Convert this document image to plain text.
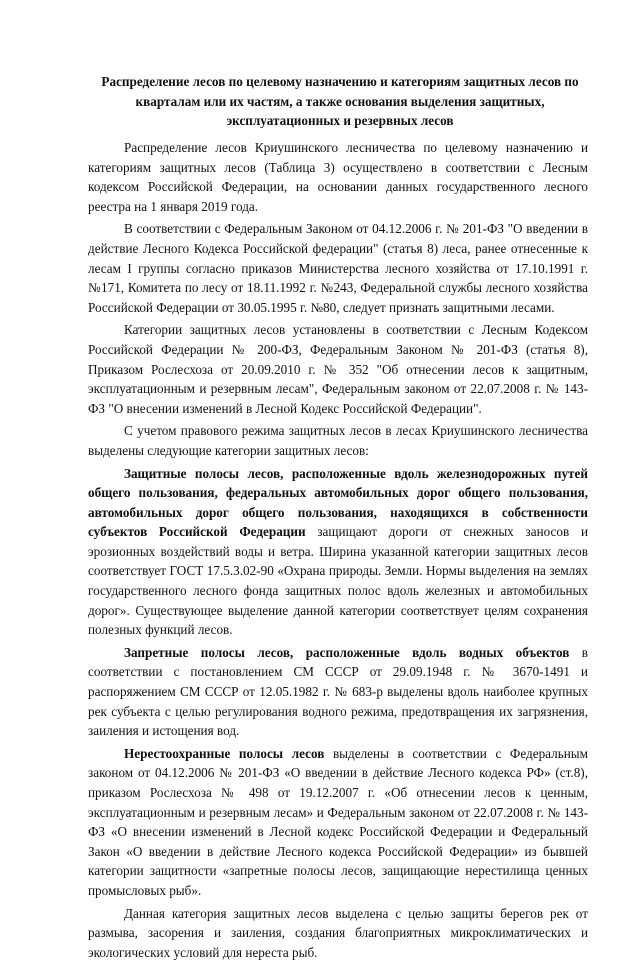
Распределение лесов по целевому назначению и категориям защитных лесов по кварталам или их частям, а также основания выделения защитных, эксплуатационных и резервных лесов

Распределение лесов Криушинского лесничества по целевому назначению и категориям защитных лесов (Таблица 3) осуществлено в соответствии с Лесным кодексом Российской Федерации, на основании данных государственного лесного реестра на 1 января 2019 года.

В соответствии с Федеральным Законом от 04.12.2006 г. № 201-ФЗ "О введении в действие Лесного Кодекса Российской федерации" (статья 8) леса, ранее отнесенные к лесам I группы согласно приказов Министерства лесного хозяйства от 17.10.1991 г. №171, Комитета по лесу от 18.11.1992 г. №243, Федеральной службы лесного хозяйства Российской Федерации от 30.05.1995 г. №80, следует признать защитными лесами.

Категории защитных лесов установлены в соответствии с Лесным Кодексом Российской Федерации № 200-ФЗ, Федеральным Законом № 201-ФЗ (статья 8), Приказом Рослесхоза от 20.09.2010 г. № 352 "Об отнесении лесов к защитным, эксплуатационным и резервным лесам", Федеральным законом от 22.07.2008 г. № 143-ФЗ "О внесении изменений в Лесной Кодекс Российской Федерации".

С учетом правового режима защитных лесов в лесах Криушинского лесничества выделены следующие категории защитных лесов:

Защитные полосы лесов, расположенные вдоль железнодорожных путей общего пользования, федеральных автомобильных дорог общего пользования, автомобильных дорог общего пользования, находящихся в собственности субъектов Российской Федерации защищают дороги от снежных заносов и эрозионных воздействий воды и ветра. Ширина указанной категории защитных лесов соответствует ГОСТ 17.5.3.02-90 «Охрана природы. Земли. Нормы выделения на землях государственного лесного фонда защитных полос вдоль железных и автомобильных дорог». Существующее выделение данной категории соответствует целям сохранения полезных функций лесов.

Запретные полосы лесов, расположенные вдоль водных объектов в соответствии с постановлением СМ СССР от 29.09.1948 г. № 3670-1491 и распоряжением СМ СССР от 12.05.1982 г. № 683-р выделены вдоль наиболее крупных рек субъекта с целью регулирования водного режима, предотвращения их загрязнения, заиления и истощения вод.

Нерестоохранные полосы лесов выделены в соответствии с Федеральным законом от 04.12.2006 № 201-ФЗ «О введении в действие Лесного кодекса РФ» (ст.8), приказом Рослесхоза № 498 от 19.12.2007 г. «Об отнесении лесов к ценным, эксплуатационным и резервным лесам» и Федеральным законом от 22.07.2008 г. № 143-ФЗ «О внесении изменений в Лесной кодекс Российской Федерации и Федеральный Закон «О введении в действие Лесного кодекса Российской Федерации» из бывшей категории защитности «запретные полосы лесов, защищающие нерестилища ценных промысловых рыб».

Данная категория защитных лесов выделена с целью защиты берегов рек от размыва, засорения и заиления, создания благоприятных микроклиматических и экологических условий для нереста рыб.
